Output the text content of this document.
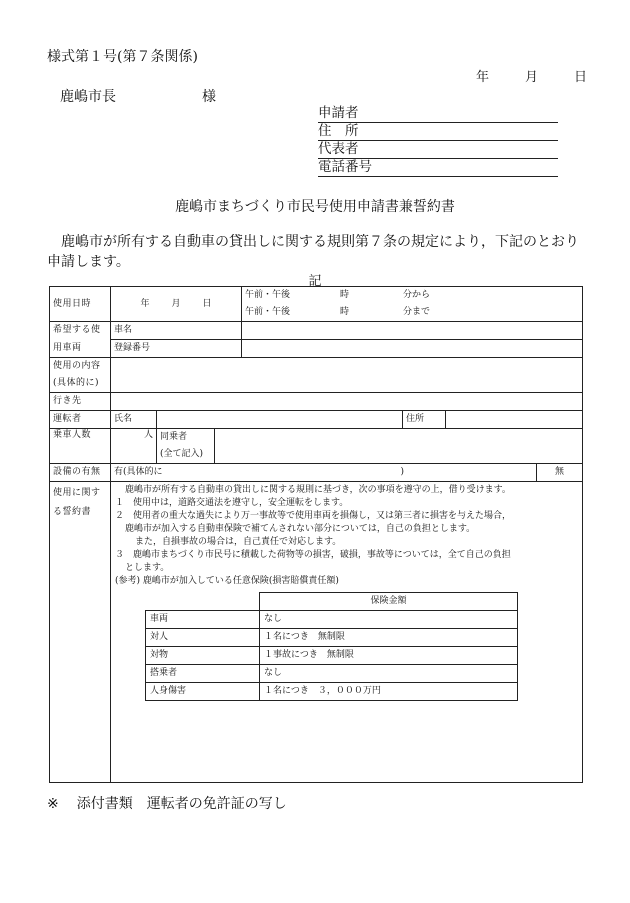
様式第１号(第７条関係)
年	月	日
鹿嶋市長	様
申請者
住　所
代表者
電話番号
鹿嶋市まちづくり市民号使用申請書兼誓約書
鹿嶋市が所有する自動車の貸出しに関する規則第７条の規定により，下記のとおり申請します。
記
使用日時	年 月 日	午前・午後	時	分から
午前・午後	時	分まで
希望する使	車名	
用車両	登録番号	
使用の内容	
(具体的に)
行き先	
運転者	氏名		住所	
乗車人数	人	同乗者
(全て記入)	

設備の有無	有(具体的に	)	無
使用に関す
る誓約書	

鹿嶋市が所有する自動車の貸出しに関する規則に基づき，次の事項を遵守の上，借り受けます。

１　使用中は，道路交通法を遵守し，安全運転をします。

２　使用者の重大な過失により万一事故等で使用車両を損傷し，又は第三者に損害を与えた場合，

鹿嶋市が加入する自動車保険で補てんされない部分については，自己の負担とします。

また，自損事故の場合は，自己責任で対応します。

３　鹿嶋市まちづくり市民号に積載した荷物等の損害，破損，事故等については，全て自己の負担

とします。

(参考) 鹿嶋市が加入している任意保険(損害賠償責任額)

	保険金額
車両	なし
対人	１名につき　無制限
対物	１事故につき　無制限
搭乗者	なし
人身傷害	１名につき　３，０００万円
※ 添付書類 運転者の免許証の写し
